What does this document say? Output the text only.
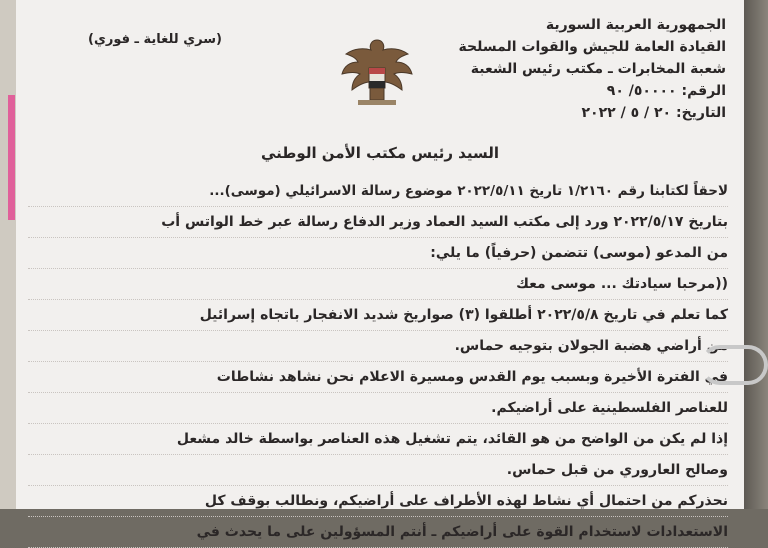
الجمهورية العربية السورية
القيادة العامة للجيش والقوات المسلحة
شعبة المخابرات ـ مكتب رئيس الشعبة
الرقم: ٥٠٠٠٠/ ٩٠
التاريخ: ٢٠ / ٥ / ٢٠٢٢
(سري للغاية ـ فوري)
السيد رئيس مكتب الأمن الوطني
لاحقاً لكتابنا رقم ١/٢١٦٠ تاريخ ٢٠٢٢/٥/١١ موضوع رسالة الاسرائيلي (موسى)...
بتاريخ ٢٠٢٢/٥/١٧ ورد إلى مكتب السيد العماد وزير الدفاع رسالة عبر خط الواتس أب
من المدعو (موسى) تتضمن (حرفياً) ما يلي:
((مرحبا سيادتك ... موسى معك
كما تعلم في تاريخ ٢٠٢٢/٥/٨ أطلقوا (٣) صواريخ شديد الانفجار باتجاه إسرائيل
من أراضي هضبة الجولان بتوجيه حماس.
في الفترة الأخيرة وبسبب يوم القدس ومسيرة الاعلام نحن نشاهد نشاطات
للعناصر الفلسطينية على أراضيكم.
إذا لم يكن من الواضح من هو القائد، يتم تشغيل هذه العناصر بواسطة خالد مشعل
وصالح العاروري من قبل حماس.
نحذركم من احتمال أي نشاط لهذه الأطراف على أراضيكم، ونطالب بوقف كل
الاستعدادات لاستخدام القوة على أراضيكم ـ أنتم المسؤولين على ما يحدث في
